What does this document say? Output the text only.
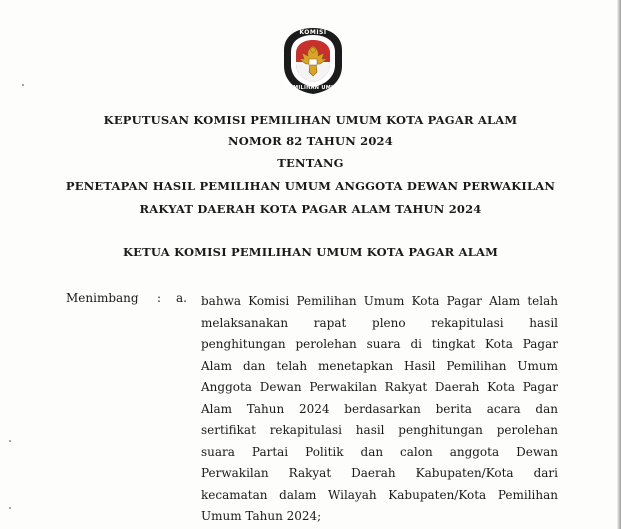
KOMISI
PEMILIHAN UMUM
KEPUTUSAN KOMISI PEMILIHAN UMUM KOTA PAGAR ALAM
NOMOR 82 TAHUN 2024
TENTANG
PENETAPAN HASIL PEMILIHAN UMUM ANGGOTA DEWAN PERWAKILAN
RAKYAT DAERAH KOTA PAGAR ALAM TAHUN 2024
KETUA KOMISI PEMILIHAN UMUM KOTA PAGAR ALAM
Menimbang : a. bahwa Komisi Pemilihan Umum Kota Pagar Alam telah
melaksanakan rapat pleno rekapitulasi hasil
penghitungan perolehan suara di tingkat Kota Pagar
Alam dan telah menetapkan Hasil Pemilihan Umum
Anggota Dewan Perwakilan Rakyat Daerah Kota Pagar
Alam Tahun 2024 berdasarkan berita acara dan
sertifikat rekapitulasi hasil penghitungan perolehan
suara Partai Politik dan calon anggota Dewan
Perwakilan Rakyat Daerah Kabupaten/Kota dari
kecamatan dalam Wilayah Kabupaten/Kota Pemilihan
Umum Tahun 2024;
